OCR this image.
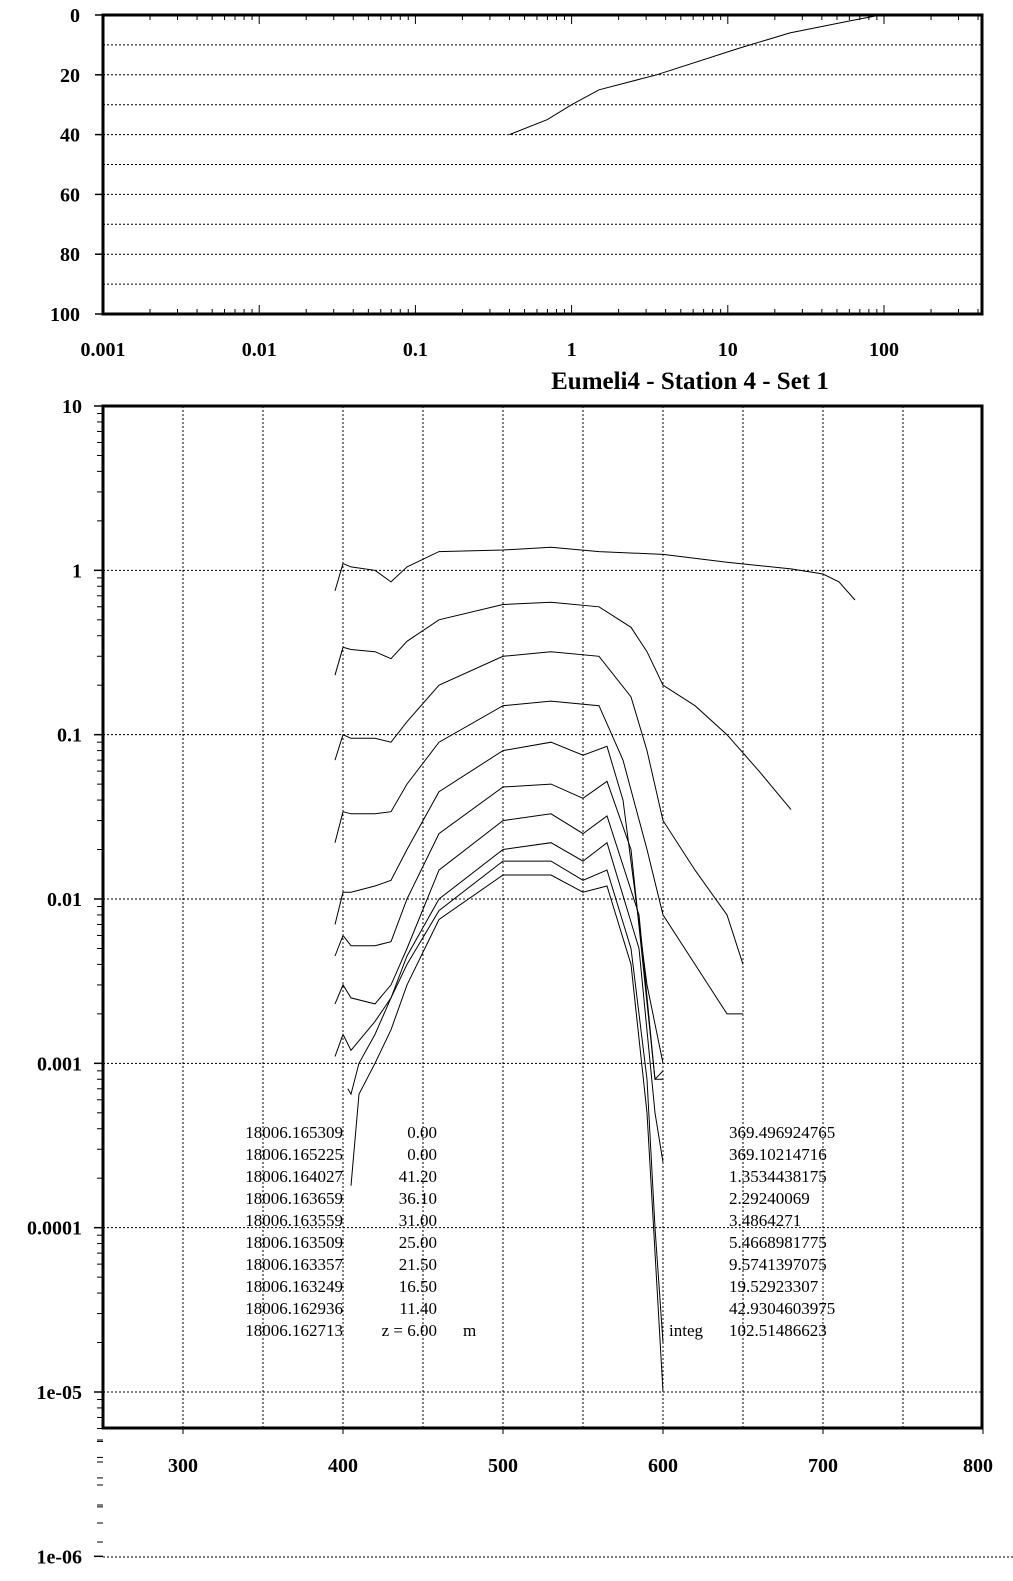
0.001	0.01	0.1	1	10	100
0
20
40
60
80
100
10
1
0.1
0.01
0.001
0.0001
1e-05
1e-06
300	400	500	600	700	800
18006.165309	0.00	369.496924765
18006.165225	0.00	369.10214716
18006.164027	41.20	1.3534438175
18006.163659	36.10	2.29240069
18006.163559	31.00	3.4864271
18006.163509	25.00	5.4668981775
18006.163357	21.50	9.5741397075
18006.163249	16.50	19.52923307
18006.162936	11.40	42.9304603975
18006.162713 z = 6.00 m	integ 102.51486623
Eumeli4 - Station 4 - Set 1
